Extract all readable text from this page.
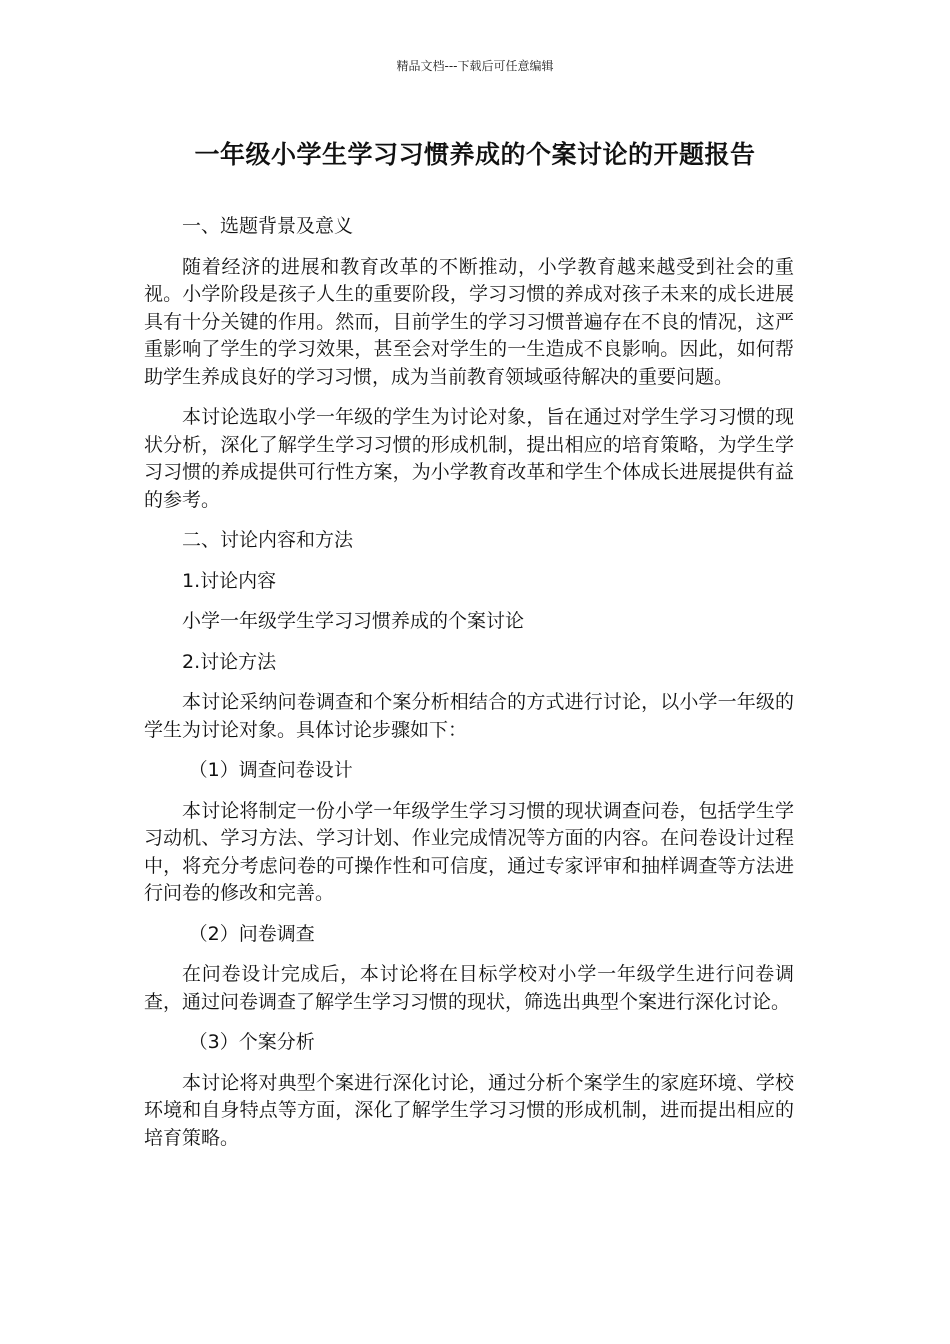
精品文档---下载后可任意编辑
一年级小学生学习习惯养成的个案讨论的开题报告

一、选题背景及意义

随着经济的进展和教育改革的不断推动，小学教育越来越受到社会的重视。小学阶段是孩子人生的重要阶段，学习习惯的养成对孩子未来的成长进展具有十分关键的作用。然而，目前学生的学习习惯普遍存在不良的情况，这严重影响了学生的学习效果，甚至会对学生的一生造成不良影响。因此，如何帮助学生养成良好的学习习惯，成为当前教育领域亟待解决的重要问题。

本讨论选取小学一年级的学生为讨论对象，旨在通过对学生学习习惯的现状分析，深化了解学生学习习惯的形成机制，提出相应的培育策略，为学生学习习惯的养成提供可行性方案，为小学教育改革和学生个体成长进展提供有益的参考。

二、讨论内容和方法

1.讨论内容

小学一年级学生学习习惯养成的个案讨论

2.讨论方法

本讨论采纳问卷调查和个案分析相结合的方式进行讨论，以小学一年级的学生为讨论对象。具体讨论步骤如下：

（1）调查问卷设计

本讨论将制定一份小学一年级学生学习习惯的现状调查问卷，包括学生学习动机、学习方法、学习计划、作业完成情况等方面的内容。在问卷设计过程中，将充分考虑问卷的可操作性和可信度，通过专家评审和抽样调查等方法进行问卷的修改和完善。

（2）问卷调查

在问卷设计完成后，本讨论将在目标学校对小学一年级学生进行问卷调查，通过问卷调查了解学生学习习惯的现状，筛选出典型个案进行深化讨论。

（3）个案分析

本讨论将对典型个案进行深化讨论，通过分析个案学生的家庭环境、学校环境和自身特点等方面，深化了解学生学习习惯的形成机制，进而提出相应的培育策略。
